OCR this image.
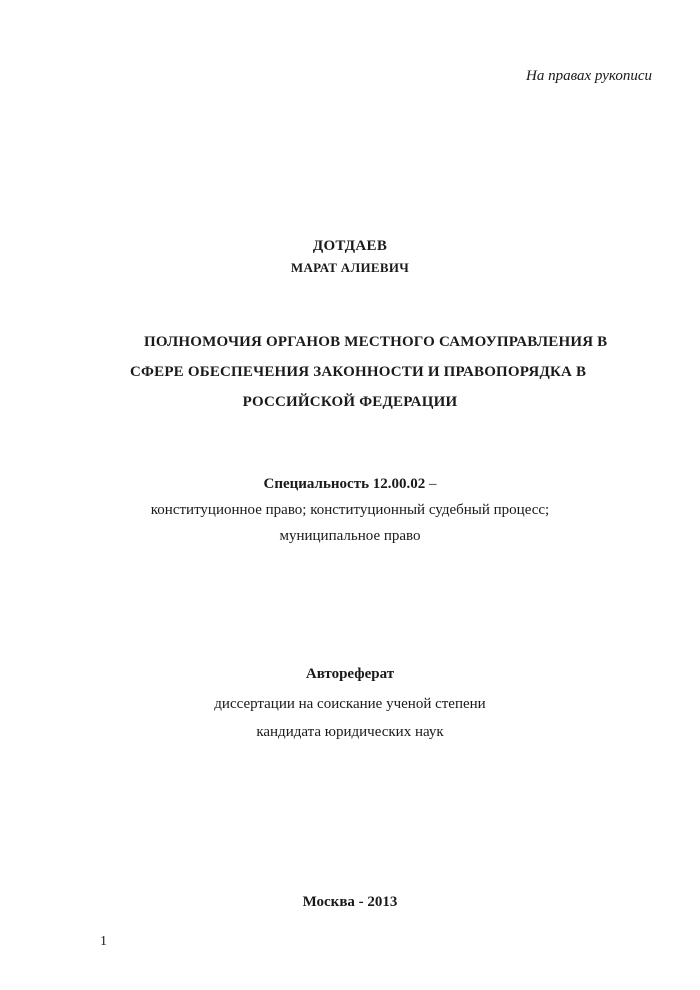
На правах рукописи
ДОТДАЕВ
МАРАТ АЛИЕВИЧ
ПОЛНОМОЧИЯ ОРГАНОВ МЕСТНОГО САМОУПРАВЛЕНИЯ В
СФЕРЕ ОБЕСПЕЧЕНИЯ ЗАКОННОСТИ И ПРАВОПОРЯДКА В
РОССИЙСКОЙ ФЕДЕРАЦИИ
Специальность 12.00.02 –
конституционное право; конституционный судебный процесс;
муниципальное право
Автореферат
диссертации на соискание ученой степени
кандидата юридических наук
Москва - 2013
1
